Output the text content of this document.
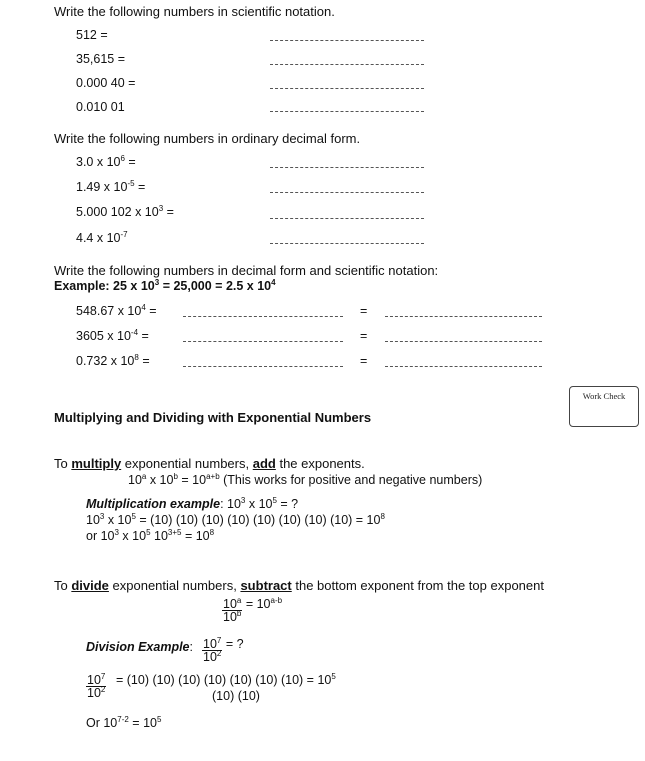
Write the following numbers in scientific notation.
512 =
35,615 =
0.000 40 =
0.010 01
Write the following numbers in ordinary decimal form.
3.0 x $10^6$ =
1.49 x $10^{-5}$ =
5.000 102 x $10^3$ =
4.4 x $10^{-7}$
Write the following numbers in decimal form and scientific notation:
Example: 25 x $10^3 = 25,000 = 2.5$ x $10^4$
548.67 x $10^4$ =	=
3605 x $10^{-4}$ =	=
0.732 x $10^8$ =	=
Work Check
Multiplying and Dividing with Exponential Numbers
To multiply exponential numbers, add the exponents.
10$^a$ x $10^b = 10^{a+b}$ (This works for positive and negative numbers)
Multiplication example: $10^3$ x $10^5$ = ?
$10^3$ x $10^5 = (10)$ (10) (10) (10) (10) (10) (10) $(10) = 10^8$
or $10^3$ x $10^5$ $10^{3+5} = 10^8$
To divide exponential numbers, subtract the bottom exponent from the top exponent
$10^a = 10^{a-b}$
10$^b$
Division Example: $10^7$ = ?
$10^2$
$\frac{10^7}{10^2} = (10)$ (10) (10) (10) (10) (10) $(10) = 10^5$
(10) (10)
Or $10^{7-2} = 10^5$
